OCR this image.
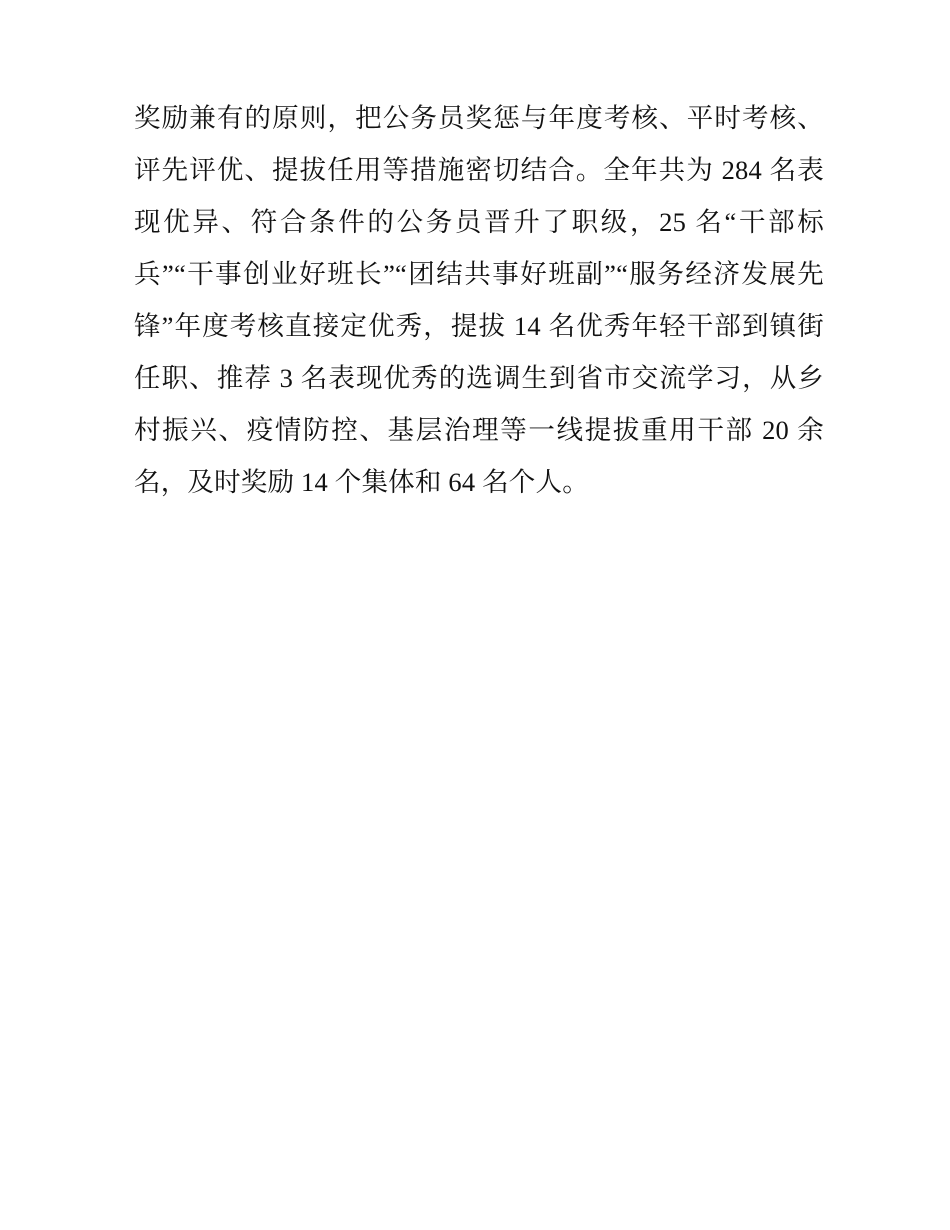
奖励兼有的原则，把公务员奖惩与年度考核、平时考核、评先评优、提拔任用等措施密切结合。全年共为 284 名表现优异、符合条件的公务员晋升了职级，25 名“干部标兵”“干事创业好班长”“团结共事好班副”“服务经济发展先锋”年度考核直接定优秀，提拔 14 名优秀年轻干部到镇街任职、推荐 3 名表现优秀的选调生到省市交流学习，从乡村振兴、疫情防控、基层治理等一线提拔重用干部 20 余名，及时奖励 14 个集体和 64 名个人。
